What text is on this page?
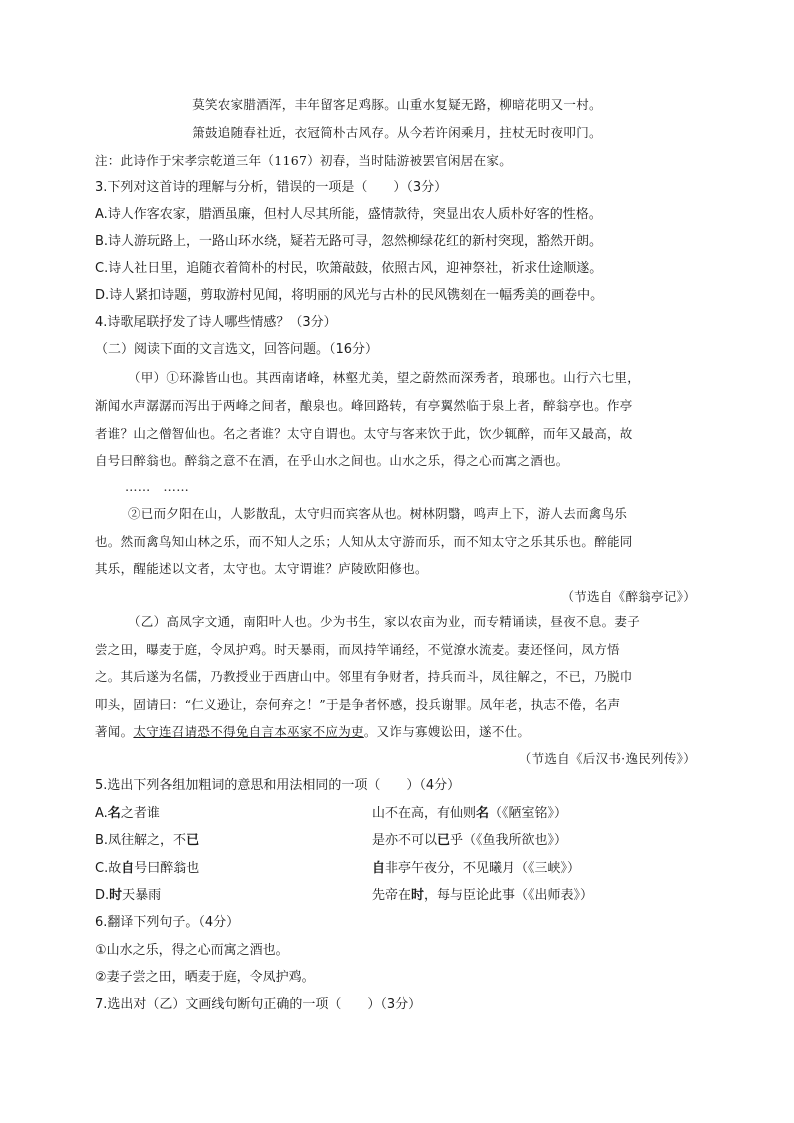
莫笑农家腊酒浑，丰年留客足鸡豚。山重水复疑无路，柳暗花明又一村。
箫鼓追随春社近，衣冠简朴古风存。从今若许闲乘月，拄杖无时夜叩门。
注：此诗作于宋孝宗乾道三年（1167）初春，当时陆游被罢官闲居在家。
3.下列对这首诗的理解与分析，错误的一项是（　　）（3分）
A.诗人作客农家，腊酒虽廉，但村人尽其所能，盛情款待，突显出农人质朴好客的性格。
B.诗人游玩路上，一路山环水绕，疑若无路可寻，忽然柳绿花红的新村突现，豁然开朗。
C.诗人社日里，追随衣着简朴的村民，吹箫敲鼓，依照古风，迎神祭社，祈求仕途顺遂。
D.诗人紧扣诗题，剪取游村见闻，将明丽的风光与古朴的民风镌刻在一幅秀美的画卷中。
4.诗歌尾联抒发了诗人哪些情感？（3分）
（二）阅读下面的文言选文，回答问题。（16分）
（甲）①环滁皆山也。其西南诸峰，林壑尤美，望之蔚然而深秀者，琅琊也。山行六七里，
渐闻水声潺潺而泻出于两峰之间者，酿泉也。峰回路转，有亭翼然临于泉上者，醉翁亭也。作亭
者谁？山之僧智仙也。名之者谁？太守自谓也。太守与客来饮于此，饮少辄醉，而年又最高，故
自号曰醉翁也。醉翁之意不在酒，在乎山水之间也。山水之乐，得之心而寓之酒也。
……　……
②已而夕阳在山，人影散乱，太守归而宾客从也。树林阴翳，鸣声上下，游人去而禽鸟乐
也。然而禽鸟知山林之乐，而不知人之乐；人知从太守游而乐，而不知太守之乐其乐也。醉能同
其乐，醒能述以文者，太守也。太守谓谁？庐陵欧阳修也。
（节选自《醉翁亭记》）
（乙）高凤字文通，南阳叶人也。少为书生，家以农亩为业，而专精诵读，昼夜不息。妻子
尝之田，曝麦于庭，令凤护鸡。时天暴雨，而凤持竿诵经，不觉潦水流麦。妻还怪问，凤方悟
之。其后遂为名儒，乃教授业于西唐山中。邻里有争财者，持兵而斗，凤往解之，不已，乃脱巾
叩头，固请曰：“仁义逊让，奈何弃之！”于是争者怀感，投兵谢罪。凤年老，执志不倦，名声
著闻。太守连召请恐不得免自言本巫家不应为吏。又诈与寡嫂讼田，遂不仕。
（节选自《后汉书·逸民列传》）
5.选出下列各组加粗词的意思和用法相同的一项（　　）（4分）
A.名之者谁	山不在高，有仙则名（《陋室铭》）
B.凤往解之，不已	是亦不可以已乎（《鱼我所欲也》）
C.故自号曰醉翁也	自非亭午夜分，不见曦月（《三峡》）
D.时天暴雨	先帝在时，每与臣论此事（《出师表》）
6.翻译下列句子。（4分）
①山水之乐，得之心而寓之酒也。
②妻子尝之田，晒麦于庭，令凤护鸡。
7.选出对（乙）文画线句断句正确的一项（　　）（3分）
